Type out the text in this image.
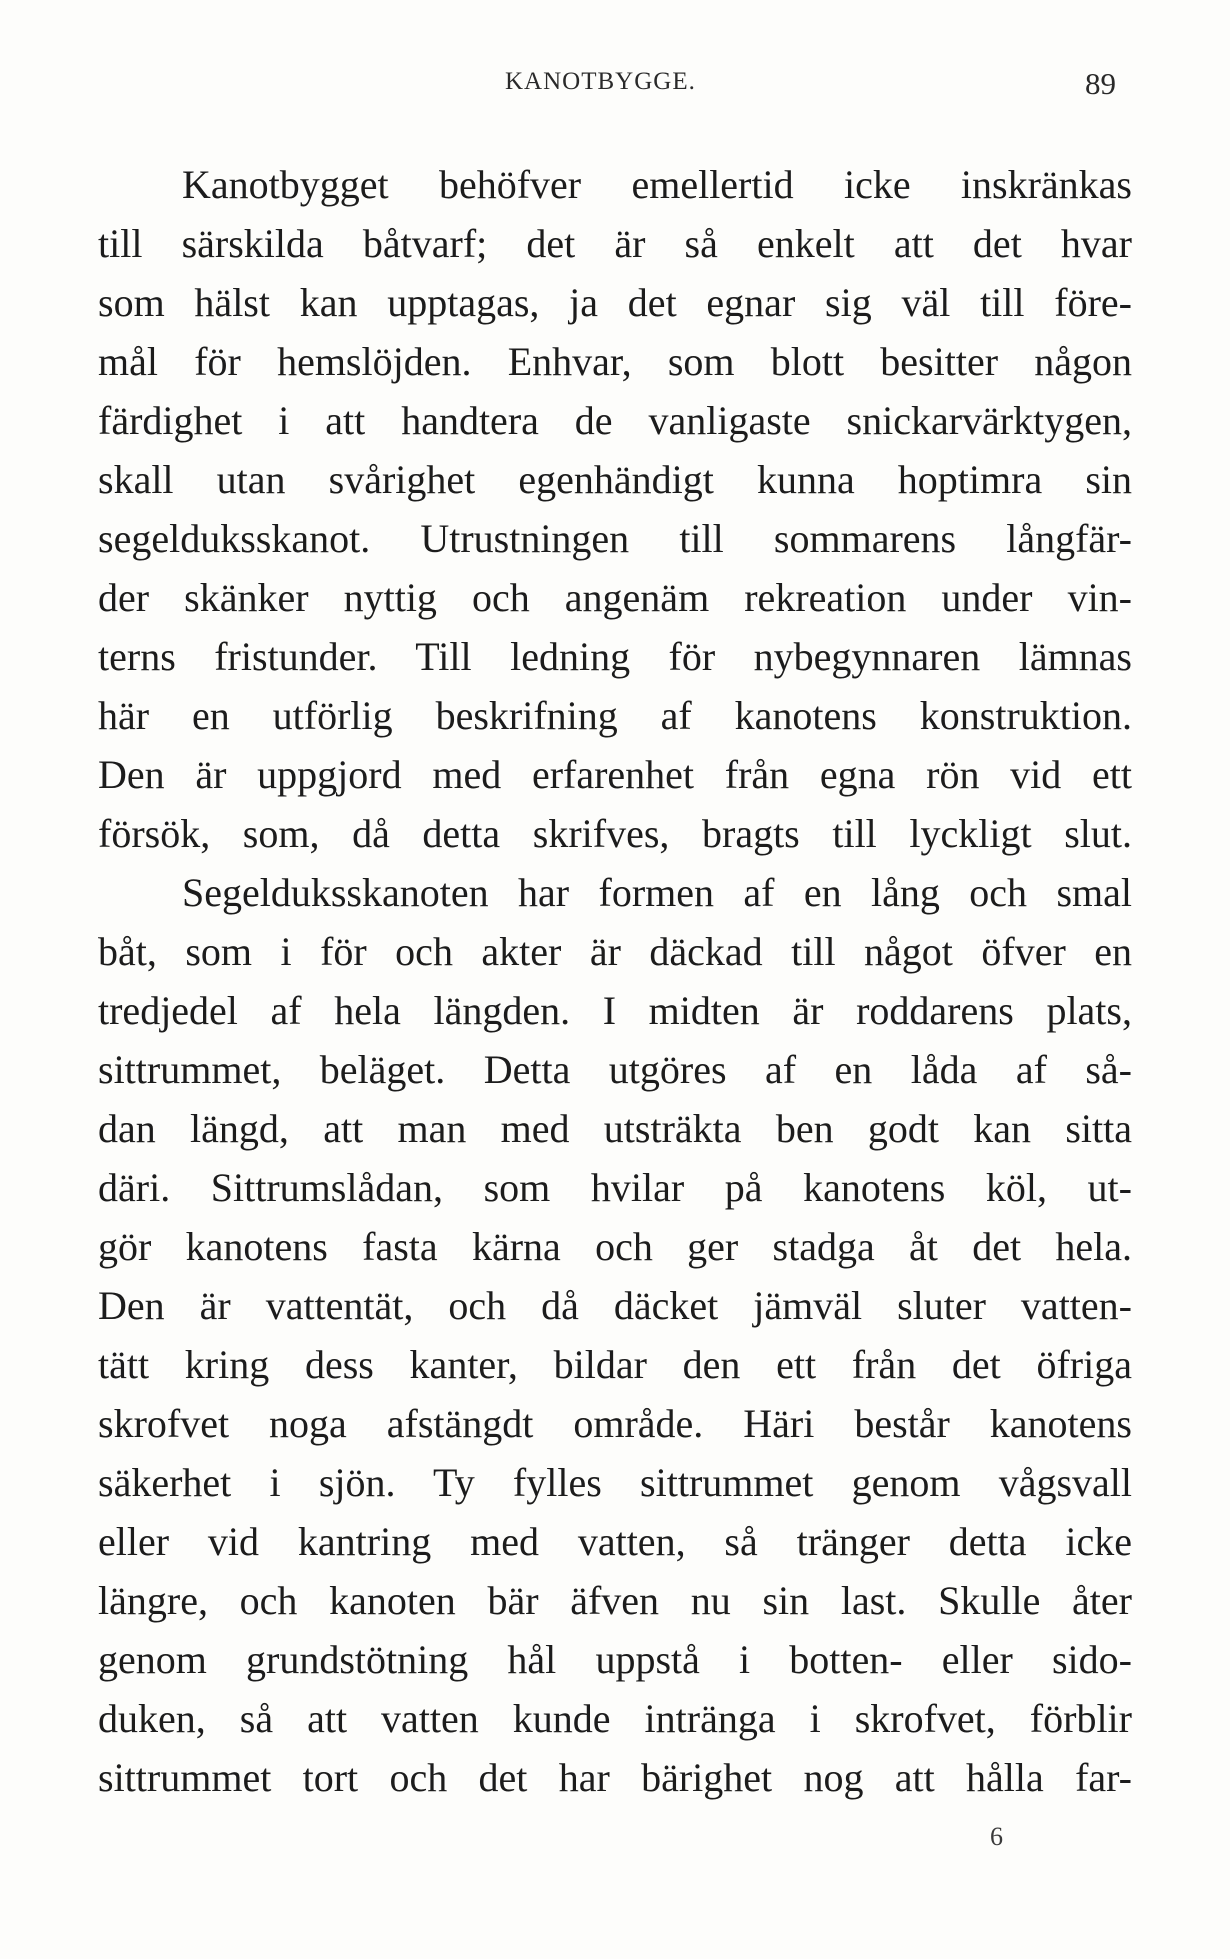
KANOTBYGGE.	89
Kanotbygget behöfver emellertid icke inskränkas
till särskilda båtvarf; det är så enkelt att det hvar
som hälst kan upptagas, ja det egnar sig väl till före-
mål för hemslöjden. Enhvar, som blott besitter någon
färdighet i att handtera de vanligaste snickarvärktygen,
skall utan svårighet egenhändigt kunna hoptimra sin
segelduksskanot. Utrustningen till sommarens långfär-
der skänker nyttig och angenäm rekreation under vin-
terns fristunder. Till ledning för nybegynnaren lämnas
här en utförlig beskrifning af kanotens konstruktion.
Den är uppgjord med erfarenhet från egna rön vid ett
försök, som, då detta skrifves, bragts till lyckligt slut.
Segelduksskanoten har formen af en lång och smal
båt, som i för och akter är däckad till något öfver en
tredjedel af hela längden. I midten är roddarens plats,
sittrummet, beläget. Detta utgöres af en låda af så-
dan längd, att man med utsträkta ben godt kan sitta
däri. Sittrumslådan, som hvilar på kanotens köl, ut-
gör kanotens fasta kärna och ger stadga åt det hela.
Den är vattentät, och då däcket jämväl sluter vatten-
tätt kring dess kanter, bildar den ett från det öfriga
skrofvet noga afstängdt område. Häri består kanotens
säkerhet i sjön. Ty fylles sittrummet genom vågsvall
eller vid kantring med vatten, så tränger detta icke
längre, och kanoten bär äfven nu sin last. Skulle åter
genom grundstötning hål uppstå i botten- eller sido-
duken, så att vatten kunde inträngа i skrofvet, förblir
sittrummet tort och det har bärighet nog att hålla far-
6
